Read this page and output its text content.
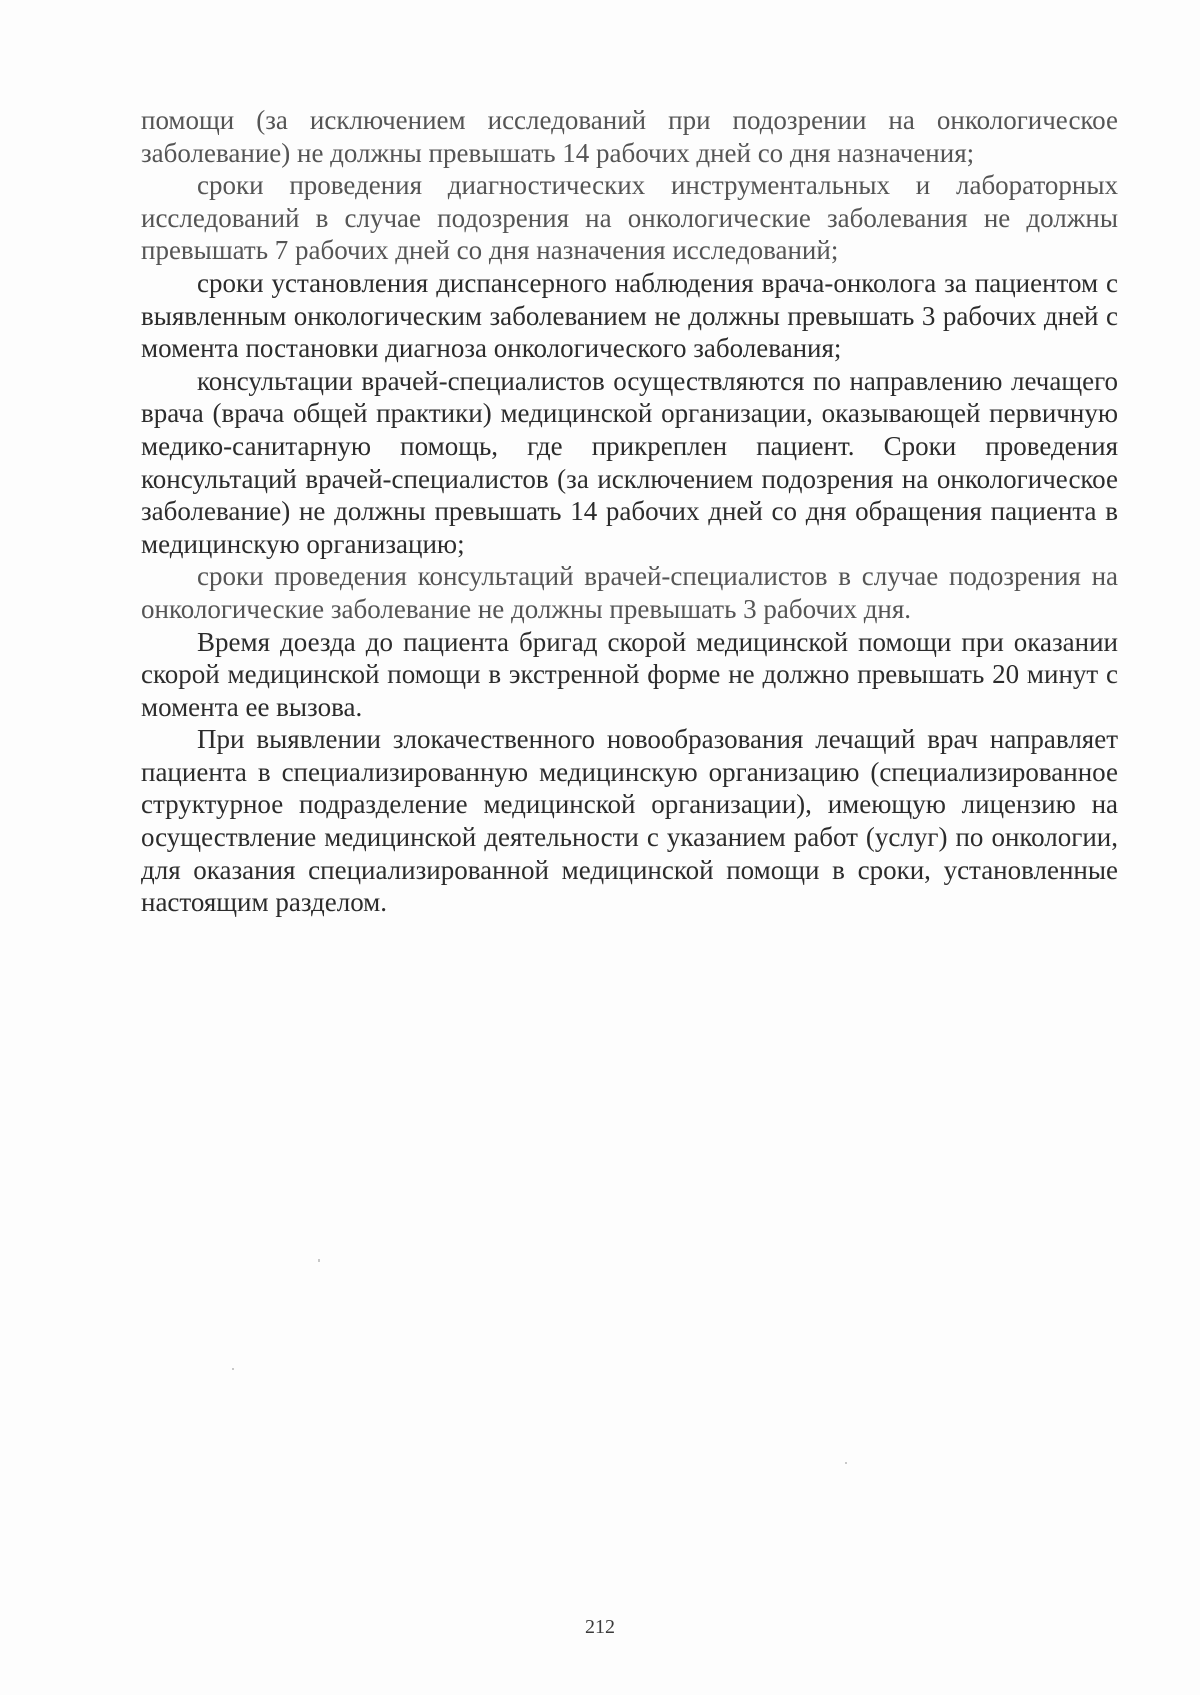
помощи (за исключением исследований при подозрении на онкологическое заболевание) не должны превышать 14 рабочих дней со дня назначения;

сроки проведения диагностических инструментальных и лабораторных исследований в случае подозрения на онкологические заболевания не должны превышать 7 рабочих дней со дня назначения исследований;

сроки установления диспансерного наблюдения врача-онколога за пациентом с выявленным онкологическим заболеванием не должны превышать 3 рабочих дней с момента постановки диагноза онкологического заболевания;

консультации врачей-специалистов осуществляются по направлению лечащего врача (врача общей практики) медицинской организации, оказывающей первичную медико-санитарную помощь, где прикреплен пациент. Сроки проведения консультаций врачей-специалистов (за исключением подозрения на онкологическое заболевание) не должны превышать 14 рабочих дней со дня обращения пациента в медицинскую организацию;

сроки проведения консультаций врачей-специалистов в случае подозрения на онкологические заболевание не должны превышать 3 рабочих дня.

Время доезда до пациента бригад скорой медицинской помощи при оказании скорой медицинской помощи в экстренной форме не должно превышать 20 минут с момента ее вызова.

При выявлении злокачественного новообразования лечащий врач направляет пациента в специализированную медицинскую организацию (специализированное структурное подразделение медицинской организации), имеющую лицензию на осуществление медицинской деятельности с указанием работ (услуг) по онкологии, для оказания специализированной медицинской помощи в сроки, установленные настоящим разделом.

212
